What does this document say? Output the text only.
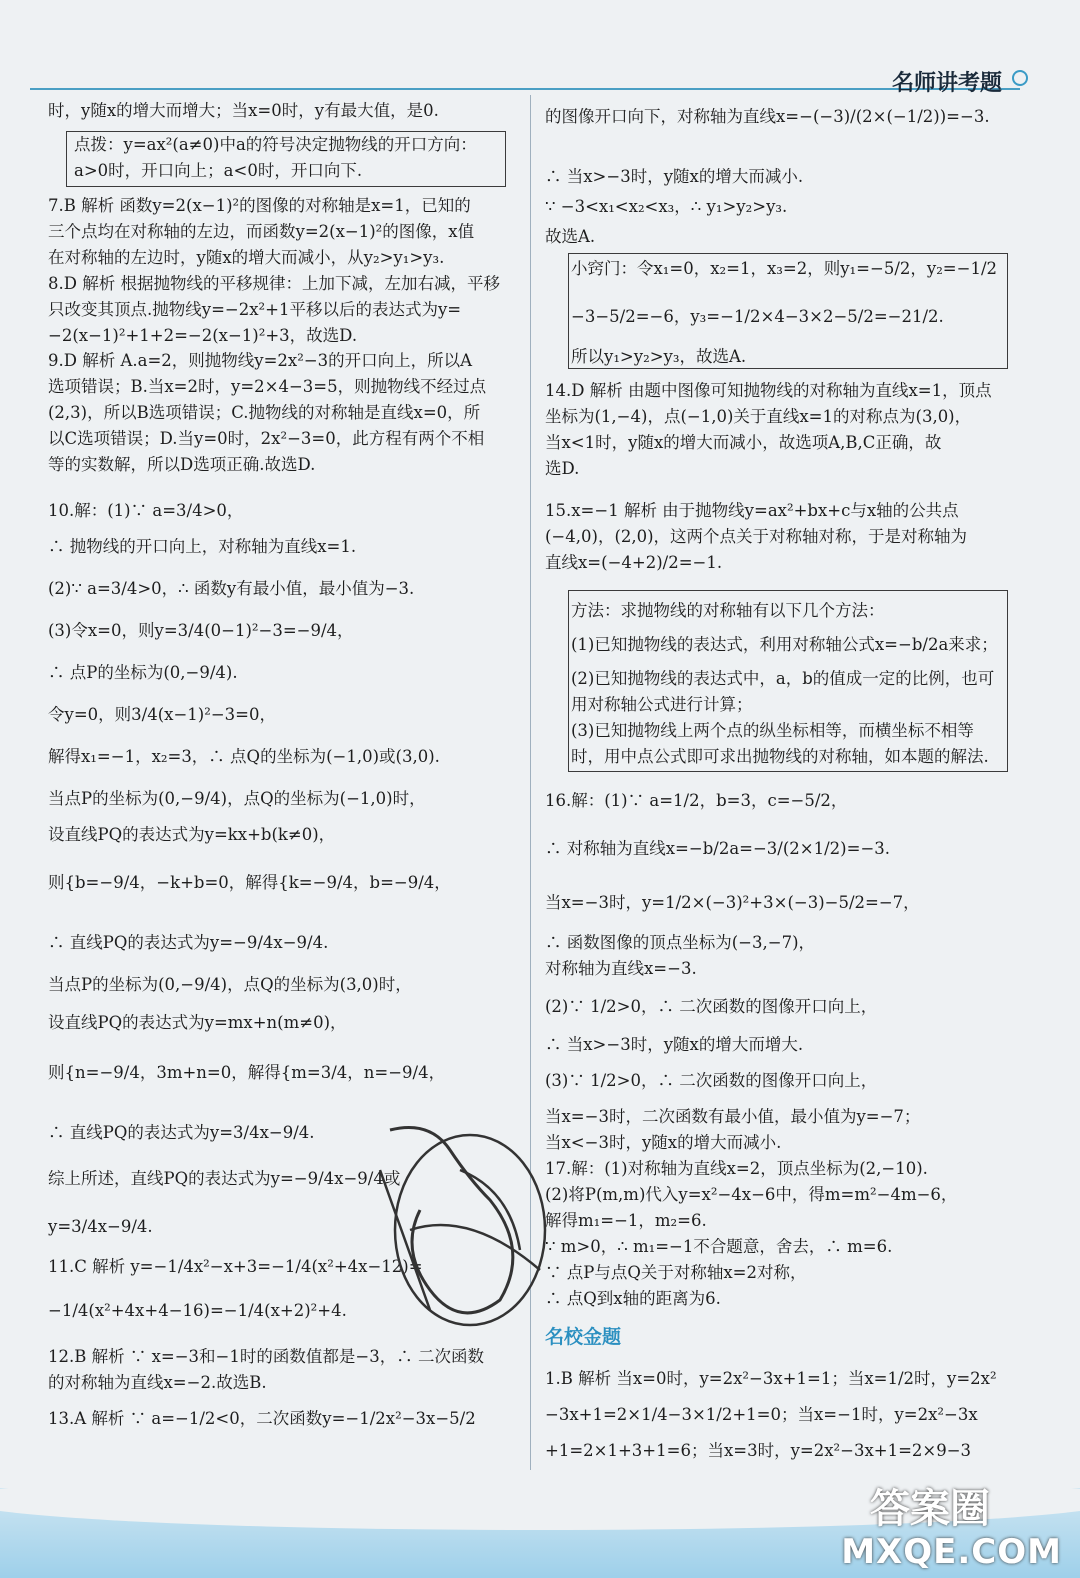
名师讲考题
时，y随x的增大而增大；当x=0时，y有最大值，是0.
点拨：y=ax²(a≠0)中a的符号决定抛物线的开口方向：
a>0时，开口向上；a<0时，开口向下.
7.B 解析 函数y=2(x−1)²的图像的对称轴是x=1，已知的
三个点均在对称轴的左边，而函数y=2(x−1)²的图像，x值
在对称轴的左边时，y随x的增大而减小，从y₂>y₁>y₃.
8.D 解析 根据抛物线的平移规律：上加下减，左加右减，平移
只改变其顶点.抛物线y=−2x²+1平移以后的表达式为y=
−2(x−1)²+1+2=−2(x−1)²+3，故选D.
9.D 解析 A.a=2，则抛物线y=2x²−3的开口向上，所以A
选项错误；B.当x=2时，y=2×4−3=5，则抛物线不经过点
(2,3)，所以B选项错误；C.抛物线的对称轴是直线x=0，所
以C选项错误；D.当y=0时，2x²−3=0，此方程有两个不相
等的实数解，所以D选项正确.故选D.
10.解：(1)∵ a=3/4>0，
∴ 抛物线的开口向上，对称轴为直线x=1.
(2)∵ a=3/4>0，∴ 函数y有最小值，最小值为−3.
(3)令x=0，则y=3/4(0−1)²−3=−9/4，
∴ 点P的坐标为(0,−9/4).
令y=0，则3/4(x−1)²−3=0，
解得x₁=−1，x₂=3，∴ 点Q的坐标为(−1,0)或(3,0).
当点P的坐标为(0,−9/4)，点Q的坐标为(−1,0)时，
设直线PQ的表达式为y=kx+b(k≠0)，
则{b=−9/4，−k+b=0，解得{k=−9/4，b=−9/4，
∴ 直线PQ的表达式为y=−9/4x−9/4.
当点P的坐标为(0,−9/4)，点Q的坐标为(3,0)时，
设直线PQ的表达式为y=mx+n(m≠0)，
则{n=−9/4，3m+n=0，解得{m=3/4，n=−9/4，
∴ 直线PQ的表达式为y=3/4x−9/4.
综上所述，直线PQ的表达式为y=−9/4x−9/4或
y=3/4x−9/4.
11.C 解析 y=−1/4x²−x+3=−1/4(x²+4x−12)=
−1/4(x²+4x+4−16)=−1/4(x+2)²+4.
12.B 解析 ∵ x=−3和−1时的函数值都是−3，∴ 二次函数
的对称轴为直线x=−2.故选B.
13.A 解析 ∵ a=−1/2<0，二次函数y=−1/2x²−3x−5/2
的图像开口向下，对称轴为直线x=−(−3)/(2×(−1/2))=−3.
∴ 当x>−3时，y随x的增大而减小.
∵ −3<x₁<x₂<x₃，∴ y₁>y₂>y₃.
故选A.
小窍门：令x₁=0，x₂=1，x₃=2，则y₁=−5/2，y₂=−1/2
−3−5/2=−6，y₃=−1/2×4−3×2−5/2=−21/2.
所以y₁>y₂>y₃，故选A.
14.D 解析 由题中图像可知抛物线的对称轴为直线x=1，顶点
坐标为(1,−4)，点(−1,0)关于直线x=1的对称点为(3,0)，
当x<1时，y随x的增大而减小，故选项A,B,C正确，故
选D.
15.x=−1 解析 由于抛物线y=ax²+bx+c与x轴的公共点
(−4,0)，(2,0)，这两个点关于对称轴对称，于是对称轴为
直线x=(−4+2)/2=−1.
方法：求抛物线的对称轴有以下几个方法：
(1)已知抛物线的表达式，利用对称轴公式x=−b/2a来求；
(2)已知抛物线的表达式中，a，b的值成一定的比例，也可
用对称轴公式进行计算；
(3)已知抛物线上两个点的纵坐标相等，而横坐标不相等
时，用中点公式即可求出抛物线的对称轴，如本题的解法.
16.解：(1)∵ a=1/2，b=3，c=−5/2，
∴ 对称轴为直线x=−b/2a=−3/(2×1/2)=−3.
当x=−3时，y=1/2×(−3)²+3×(−3)−5/2=−7，
∴ 函数图像的顶点坐标为(−3,−7)，
对称轴为直线x=−3.
(2)∵ 1/2>0，∴ 二次函数的图像开口向上，
∴ 当x>−3时，y随x的增大而增大.
(3)∵ 1/2>0，∴ 二次函数的图像开口向上，
当x=−3时，二次函数有最小值，最小值为y=−7；
当x<−3时，y随x的增大而减小.
17.解：(1)对称轴为直线x=2，顶点坐标为(2,−10).
(2)将P(m,m)代入y=x²−4x−6中，得m=m²−4m−6，
解得m₁=−1，m₂=6.
∵ m>0，∴ m₁=−1不合题意，舍去，∴ m=6.
∵ 点P与点Q关于对称轴x=2对称，
∴ 点Q到x轴的距离为6.
名校金题
1.B 解析 当x=0时，y=2x²−3x+1=1；当x=1/2时，y=2x²
−3x+1=2×1/4−3×1/2+1=0；当x=−1时，y=2x²−3x
+1=2×1+3+1=6；当x=3时，y=2x²−3x+1=2×9−3
答案圈
MXQE.COM
